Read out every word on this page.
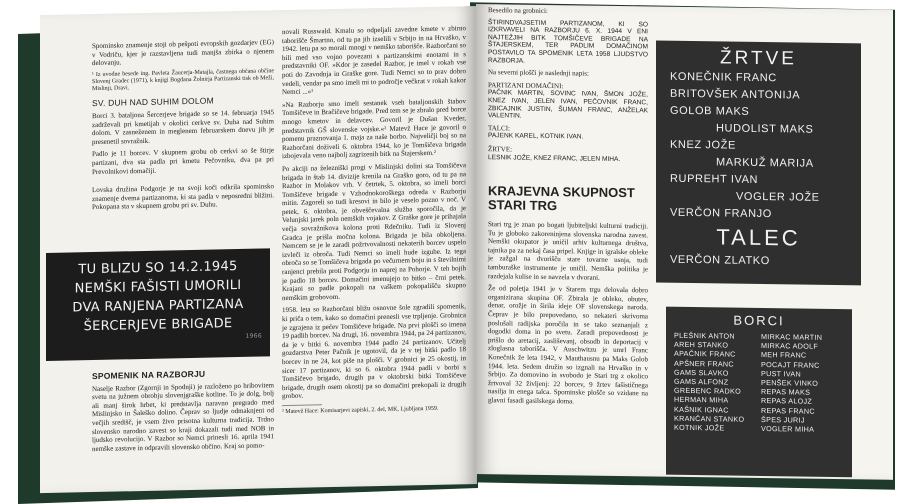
Spominsko znamenje stoji ob pešpoti evropskih gozdarjev (EG) v Vodriču, kjer je razstavljena tudi manjša zbirka o njenem delovanju.

¹ Iz uvodne besede ing. Pavleta Žaucerja-Matajla, častnega občana občine Slovenj Gradec (1971), k knjigi Bogdana Žolnirja Partizanski tisk ob Meži, Mislinji, Dravi.

SV. DUH NAD SUHIM DOLOM

Borci 3. bataljona Šercerjeve brigade so se 14. februarja 1945 zadrževali pri kmetijah v okolici cerkve sv. Duha nad Suhim dolom. V zasneženem in meglenem februarskem dnevu jih je presenetil sovražnik.

Padlo je 11 borcev. V skupnem grobu ob cerkvi so še štirje partizani, dva sta padla pri kmetu Pečovniku, dva pa pri Prevolnikovi domačiji.

Lovska družina Podgorje je na svoji koči odkrila spominsko znamenje dvema partizanoma, ki sta padla v neposredni bližini. Pokopana sta v skupnem grobu pri sv. Duhu.

TU BLIZU SO 14.2.1945
NEMŠKI FAŠISTI UMORILI
DVA RANJENA PARTIZANA
ŠERCERJEVE BRIGADE
1966
SPOMENIK NA RAZBORJU

Naselje Razbor (Zgornji in Spodnji) je razloženo po hribovitem svetu na južnem obrobju slovenjgraške kotline. To je dolg, bolj ali manj širok hrbet, ki predstavlja naravno pregrado med Mislinjsko in Šaleško dolino. Čeprav so ljudje odmaknjeni od večjih središč, je vsem živo prisotna kulturna tradicija. Trdno slovensko narodno zavest so kraji dokazali tudi med NOB in ljudsko revolucijo. V Razbor so Nemci prinesli 16. aprila 1941 nemške zastave in odpravili slovensko občino. Kraj so pomo-

novali Russwald. Kmalu so odpeljali zavedne kmete v zbirno taborišče Šmartno, od tu pa jih izselili v Srbijo in na Hrvaško, v 1942. letu pa so morali mnogi v nemško taborišče. Razborčani so bili med vso vojno povezani s partizanskimi enotami in s predstavniki OF. »Kdor je zasedel Razbor, je imel v rokah vse poti do Zavodnja in Graške gore. Tudi Nemci so to prav dobro vedeli, vendar pa smo imeli mi to področje večkrat v rokah kakor Nemci ...«¹

»Na Razborju smo imeli sestanek vseh bataljonskih štabov Tomšičeve in Bračičeve brigade. Pred tem se je zbralo pred borce mnogo kmetov in delavcev. Govoril je Dušan Kveder, predstavnik GŠ slovenske vojske.«² Matevž Hace je govoril o pomenu praznovanja 1. maja za naše borbo. Najveličji boj so na Razborčani doživeli 6. oktobra 1944, ko je Tomšičeva brigada izbojevala veno najbolj zagrizenih bitk na Štajerskem.²

Po akciji na železniški progi v Mislinjski dolini sta Tomšičeva brigada in štab 14. divizije krenila na Graško goro, od tu pa na Razbor in Molakov vrh. V četrtek, 5. oktobra, so imeli borci Tomšičeve brigade v Vzhodnokoroškega odreda v Razborju mitin. Zagoreli so tudi kresovi in bilo je veselo pozno v noč. V petek, 6. oktobra, je obveščevalna služba sporočila, da je Velunjski jarek poln nemških vojakov. Z Graške gore je prihajala večja sovražnikova kolona proti Rdečniku. Tudi iz Slovenj Gradca je prišla močna kolona. Brigada je bila obkoljena. Nemcem se je le zaradi požrtvovalnosti nekaterih borcev uspelo izvleči iz obroča. Tudi Nemci so imeli hude izgube. Iz tega obroča so se Tomšičeva brigada po večurnem boju in s številnimi ranjenci prebila proti Podgorju in naprej na Pohorje. V teh bojih je padlo 18 borcev. Domačini imenujejo to bitko – črni petek. Krajani so padle pokopali na vaškem pokopališču skupno nemškim grobovom.

1958. leta so Razborčani bližu osnovne šole zgradili spomenik, ki priča o tem, kako so domačini prenesli vse trpljenje. Grobnica je zgrajena iz pečev Tomšičeve brigade. Na prvi plošči so imena 19 padlih borcev. Na drugi, 16. novembra 1944, pa 24 partizanov, da je v bitki 6. novembra 1944 padlo 24 partizanov. Učitelj gozdarstva Peter Pačnik je ugotovil, da je v tej bitki padlo 18 borcev in ne 24, kot piše na plošči. V grobnici je 25 okostij, in sicer 17 partizanov, ki so 6. oktobra 1944 padli v borbi s Tomšičevo brigado, drugih pa v oktobrski bitki Tomšičeve brigade, drugih osem okostij pa so domačini prekopali iz drugih grobov.

² Matevž Hace: Komisarjevi zapiski, 2. del, MK, Ljubljana 1959.

Besedilo na grobnici:

ŠTIRINDVAJSETIM PARTIZANOM, KI SO IZKRVAVELI NA RAZBORJU 6. X. 1944 V ENI NAJTEŽJIH BITK TOMŠIČEVE BRIGADE NA ŠTAJERSKEM, TER PADLIM DOMAČINOM POSTAVILO TA SPOMENIK LETA 1958 LJUDSTVO RAZBORJA.

Na severni plošči je naslednji napis:

PARTIZANI DOMAČINI:

PAČNIK MARTIN, SOVINC IVAN, ŠMON JOŽE, KNEZ IVAN, JELEN IVAN, PEČOVNIK FRANC, ZBICAJNIK JUSTIN, ŠUMAN FRANC, ANŽELAK VALENTIN.

TALCI:

PAJENK KAREL, KOTNIK IVAN.

ŽRTVE:

LESNIK JOŽE, KNEZ FRANC, JELEN MIHA.

KRAJEVNA SKUPNOST STARI TRG

Stari trg je znan po bogati ljubiteljski kulturni tradiciji. Tu je globoko zakoreninjena slovenska narodna zavest. Nemški okupator je uničil arhiv kulturnega društva, tajnika pa za nekaj časa pripel. Knjige in igralske obleke je zažgal na dvorišču stare tovarne usnja, tudi tamburaške instrumente je uničil. Nemška politika je razdejala kulise in se navzela v dvorani.

Že od poletja 1941 je v Starem trgu delovala dobro organizirana skupina OF. Zbirala je obleko, obutev, denar, orožje in širila ideje OF slovenskega naroda. Čeprav je bilo prepovedano, so nekateri skrivoma poslušali radijska poročila in se tako seznanjali z dogodki doma in po svetu. Zaradi prepovednosti je prišlo do aretacij, zasliševanj, obsodb in deportacij v zloglasna taborišča. V Auschwitzu je umrl Franc Konečnik že leta 1942, v Mauthausnu pa Maks Golob 1944. leta. Sedem družin so izgnali na Hrvaško in v Srbijo. Za domovino in svobodo je Stari trg z okolico žrtvoval 32 življenj: 22 borcev, 9 žrtev fašističnega nasilja in enega talca. Spominske plošče so vzidane na glavni fasadi gasilskega doma.

ŽRTVE
KONEČNIK FRANC
BRITOVŠEK ANTONIJA
GOLOB MAKS
HUDOLIST MAKS
KNEZ JOŽE
MARKUŽ MARIJA
RUPREHT IVAN
VOGLER JOŽE
VERČON FRANJO
TALEC
VERČON ZLATKO
BORCI
PLEŠNIK ANTON	MIRKAC MARTIN
AREH STANKO	MIRKAC ADOLF
APAČNIK FRANC	MEH FRANC
APŠNER FRANC	POCAJT FRANC
GAMS SLAVKO	PUST IVAN
GAMS ALFONZ	PENŠEK VINKO
GREBENC RADKO	REPAS MAKS
HERMAN MIHA	REPAS ALOJZ
KAŠNIK IGNAC	REPAS FRANC
KRANČAN STANKO	ŠPES JURIJ
KOTNIK JOŽE	VOGLER MIHA
